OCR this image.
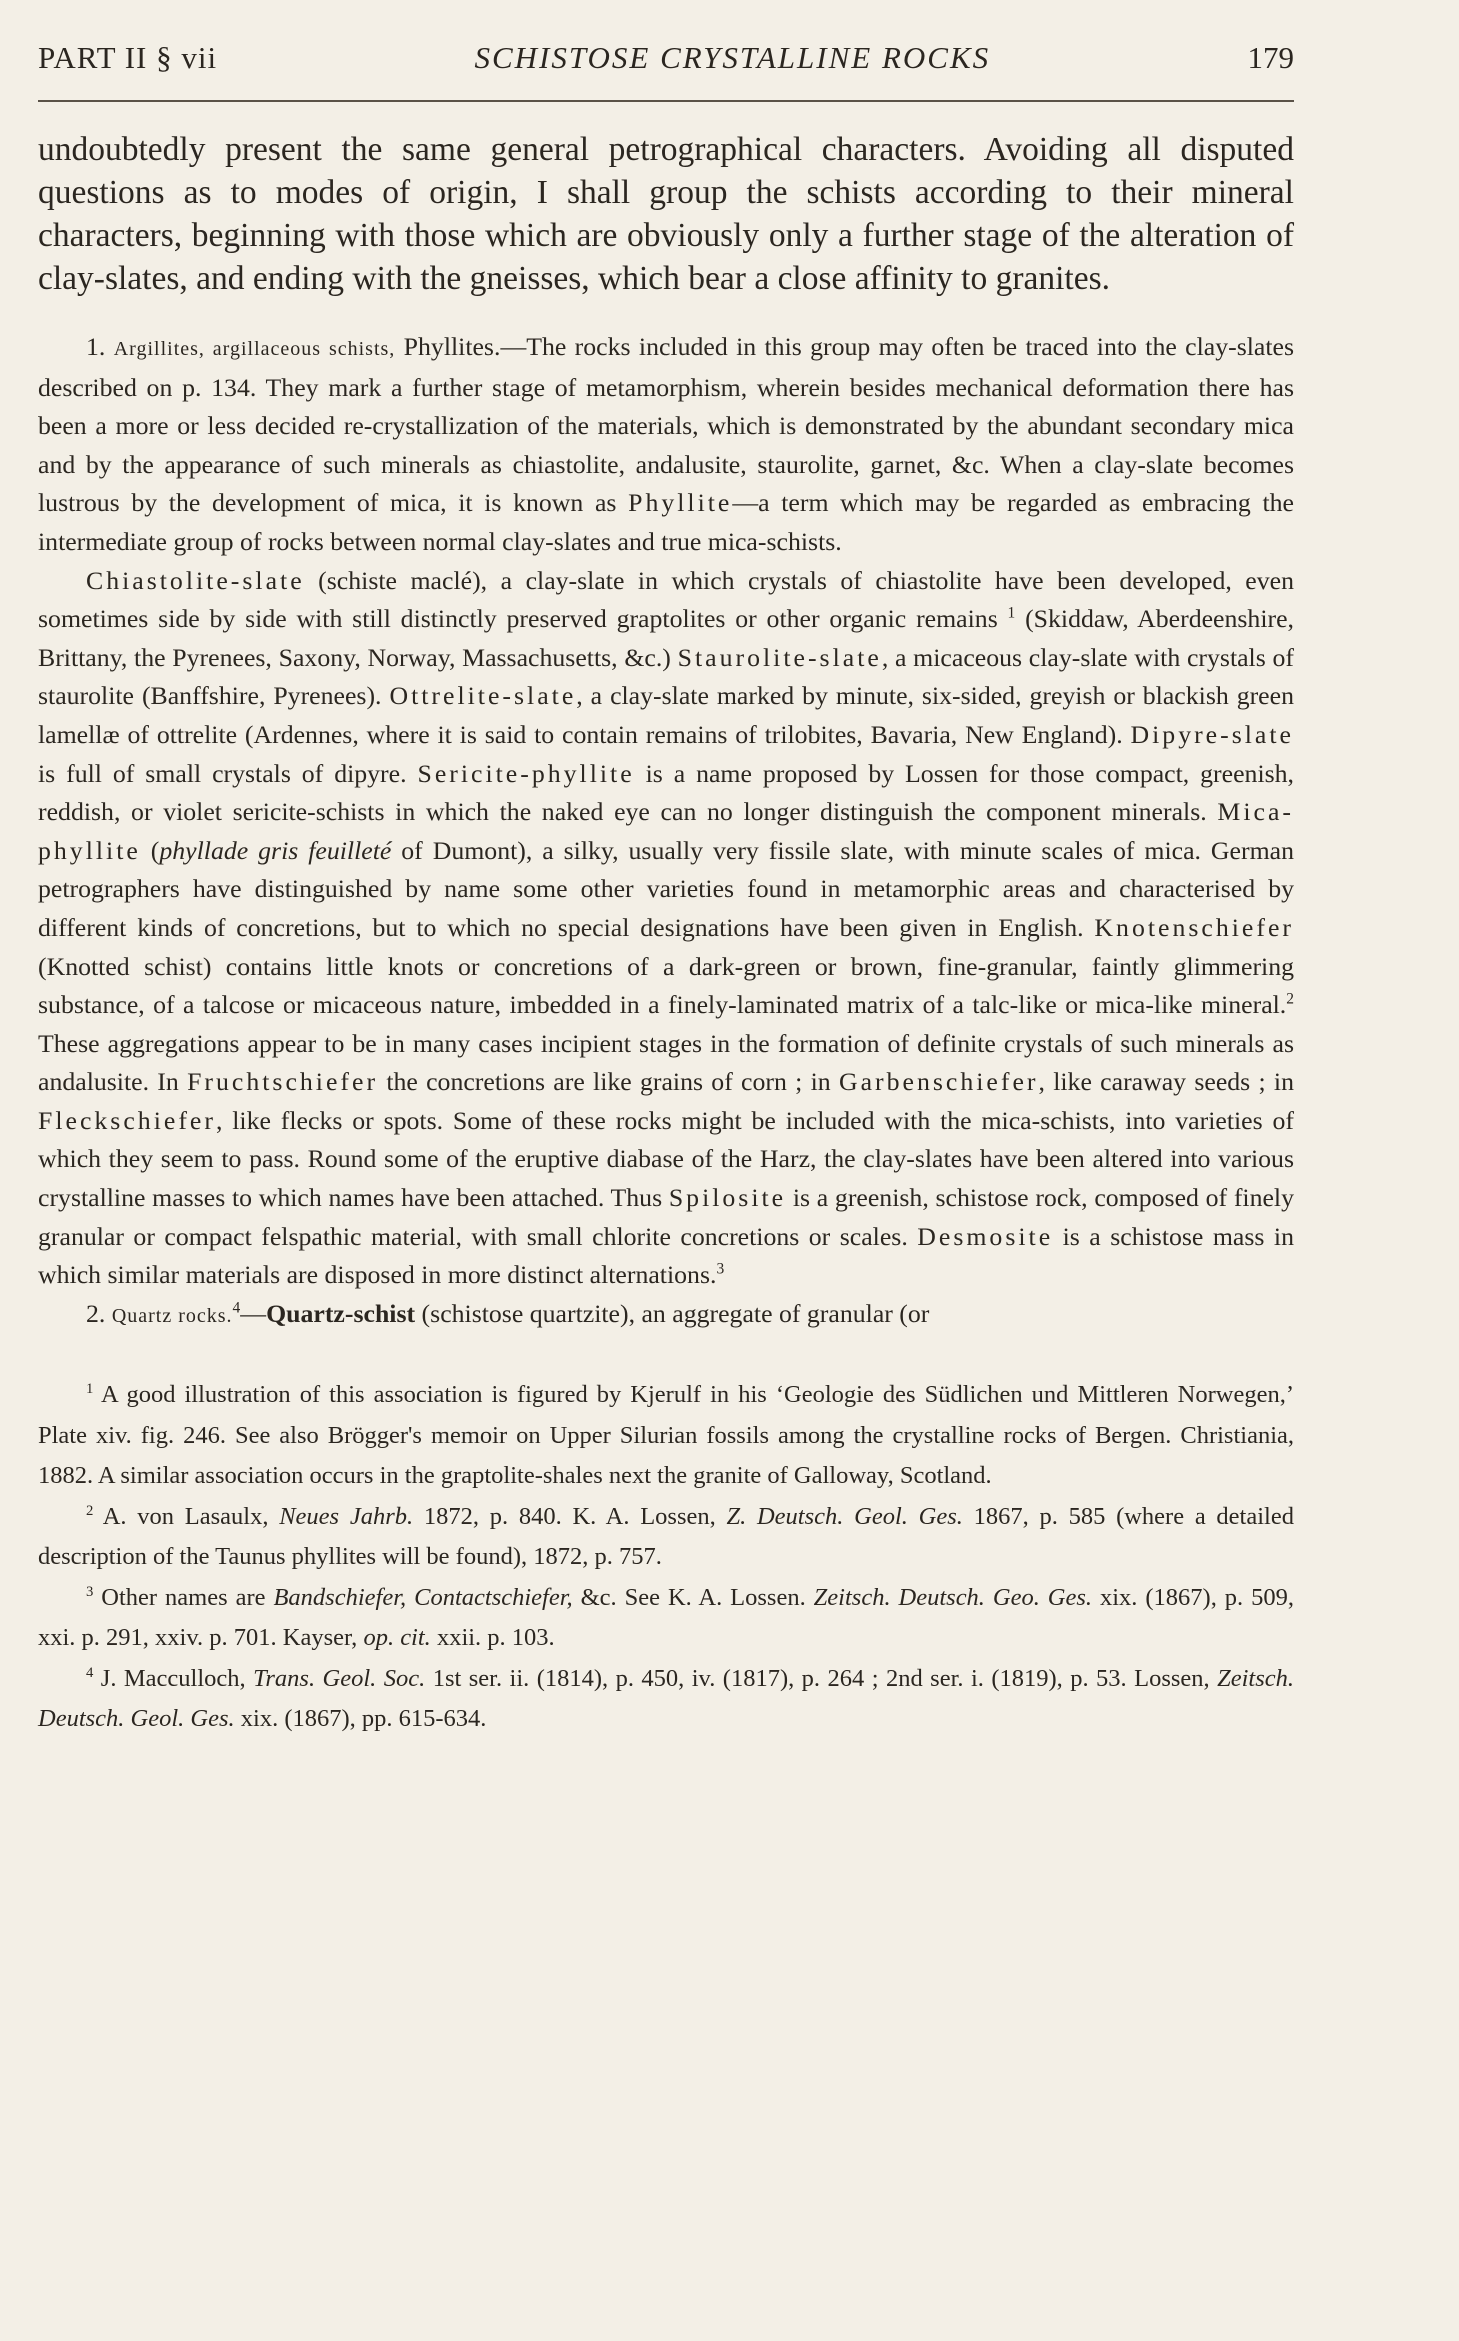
PART II § vii	SCHISTOSE CRYSTALLINE ROCKS	179

undoubtedly present the same general petrographical characters. Avoiding all disputed questions as to modes of origin, I shall group the schists according to their mineral characters, beginning with those which are obviously only a further stage of the alteration of clay-slates, and ending with the gneisses, which bear a close affinity to granites.

1. Argillites, argillaceous schists, Phyllites.—The rocks included in this group may often be traced into the clay-slates described on p. 134. They mark a further stage of metamorphism, wherein besides mechanical deformation there has been a more or less decided re-crystallization of the materials, which is demonstrated by the abundant secondary mica and by the appearance of such minerals as chiastolite, andalusite, staurolite, garnet, &c. When a clay-slate becomes lustrous by the development of mica, it is known as Phyllite—a term which may be regarded as embracing the intermediate group of rocks between normal clay-slates and true mica-schists.

Chiastolite-slate (schiste maclé), a clay-slate in which crystals of chiastolite have been developed, even sometimes side by side with still distinctly preserved graptolites or other organic remains $^1$ (Skiddaw, Aberdeenshire, Brittany, the Pyrenees, Saxony, Norway, Massachusetts, &c.) Staurolite-slate, a micaceous clay-slate with crystals of staurolite (Banffshire, Pyrenees). Ottrelite-slate, a clay-slate marked by minute, six-sided, greyish or blackish green lamellæ of ottrelite (Ardennes, where it is said to contain remains of trilobites, Bavaria, New England). Dipyre-slate is full of small crystals of dipyre. Sericite-phyllite is a name proposed by Lossen for those compact, greenish, reddish, or violet sericite-schists in which the naked eye can no longer distinguish the component minerals. Mica-phyllite (phyllade gris feuilleté of Dumont), a silky, usually very fissile slate, with minute scales of mica. German petrographers have distinguished by name some other varieties found in metamorphic areas and characterised by different kinds of concretions, but to which no special designations have been given in English. Knotenschiefer (Knotted schist) contains little knots or concretions of a dark-green or brown, fine-granular, faintly glimmering substance, of a talcose or micaceous nature, imbedded in a finely-laminated matrix of a talc-like or mica-like mineral.$^2$ These aggregations appear to be in many cases incipient stages in the formation of definite crystals of such minerals as andalusite. In Fruchtschiefer the concretions are like grains of corn ; in Garbenschiefer, like caraway seeds ; in Fleckschiefer, like flecks or spots. Some of these rocks might be included with the mica-schists, into varieties of which they seem to pass. Round some of the eruptive diabase of the Harz, the clay-slates have been altered into various crystalline masses to which names have been attached. Thus Spilosite is a greenish, schistose rock, composed of finely granular or compact felspathic material, with small chlorite concretions or scales. Desmosite is a schistose mass in which similar materials are disposed in more distinct alternations.$^3$

2. Quartz rocks.$^4$—Quartz-schist (schistose quartzite), an aggregate of granular (or

$^1$ A good illustration of this association is figured by Kjerulf in his ‘Geologie des Südlichen und Mittleren Norwegen,’ Plate xiv. fig. 246. See also Brögger's memoir on Upper Silurian fossils among the crystalline rocks of Bergen. Christiania, 1882. A similar association occurs in the graptolite-shales next the granite of Galloway, Scotland.

$^2$ A. von Lasaulx, Neues Jahrb. 1872, p. 840. K. A. Lossen, Z. Deutsch. Geol. Ges. 1867, p. 585 (where a detailed description of the Taunus phyllites will be found), 1872, p. 757.

$^3$ Other names are Bandschiefer, Contactschiefer, &c. See K. A. Lossen. Zeitsch. Deutsch. Geo. Ges. xix. (1867), p. 509, xxi. p. 291, xxiv. p. 701. Kayser, op. cit. xxii. p. 103.

$^4$ J. Macculloch, Trans. Geol. Soc. 1st ser. ii. (1814), p. 450, iv. (1817), p. 264 ; 2nd ser. i. (1819), p. 53. Lossen, Zeitsch. Deutsch. Geol. Ges. xix. (1867), pp. 615-634.
